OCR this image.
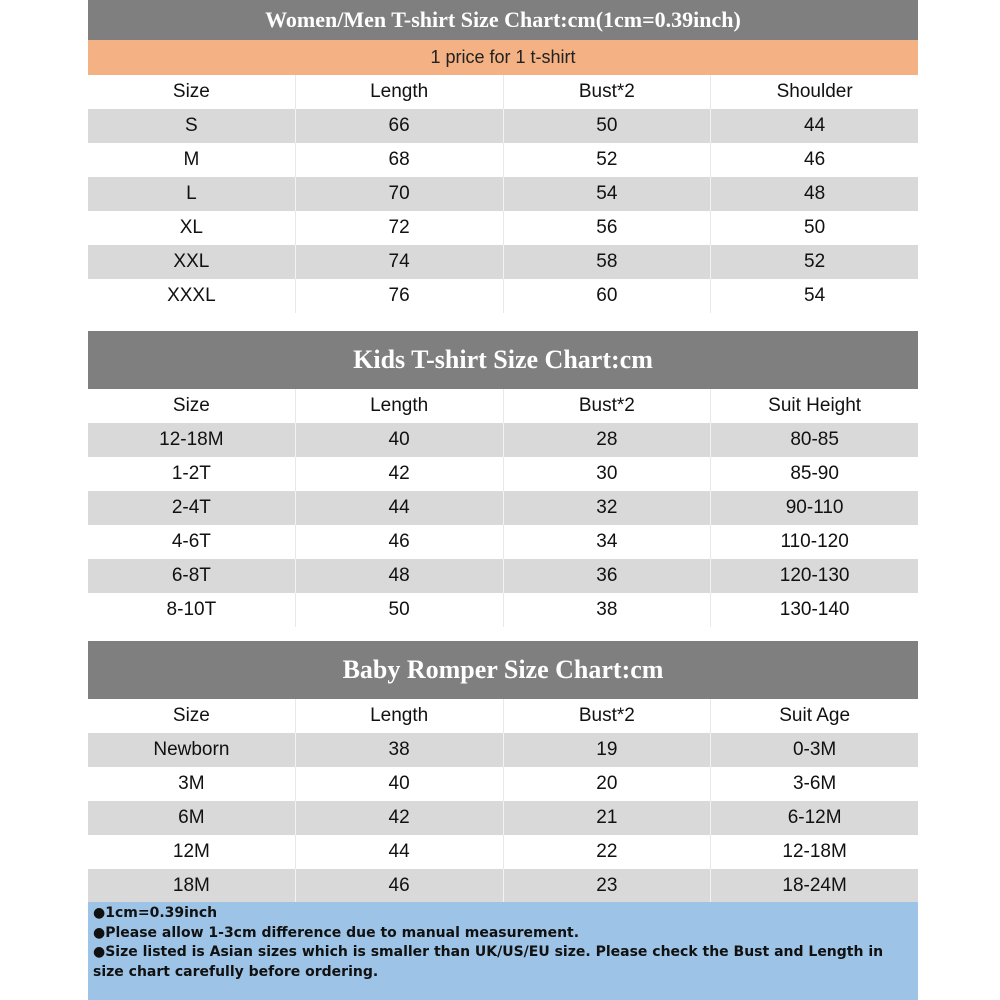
Women/Men T-shirt Size Chart:cm(1cm=0.39inch)
1 price for 1 t-shirt
Size	Length	Bust*2	Shoulder
S	66	50	44
M	68	52	46
L	70	54	48
XL	72	56	50
XXL	74	58	52
XXXL	76	60	54
Kids T-shirt Size Chart:cm
Size	Length	Bust*2	Suit Height
12-18M	40	28	80-85
1-2T	42	30	85-90
2-4T	44	32	90-110
4-6T	46	34	110-120
6-8T	48	36	120-130
8-10T	50	38	130-140
Baby Romper Size Chart:cm
Size	Length	Bust*2	Suit Age
Newborn	38	19	0-3M
3M	40	20	3-6M
6M	42	21	6-12M
12M	44	22	12-18M
18M	46	23	18-24M
●1cm=0.39inch
●Please allow 1-3cm difference due to manual measurement.
●Size listed is Asian sizes which is smaller than UK/US/EU size. Please check the Bust and Length in size chart carefully before ordering.
